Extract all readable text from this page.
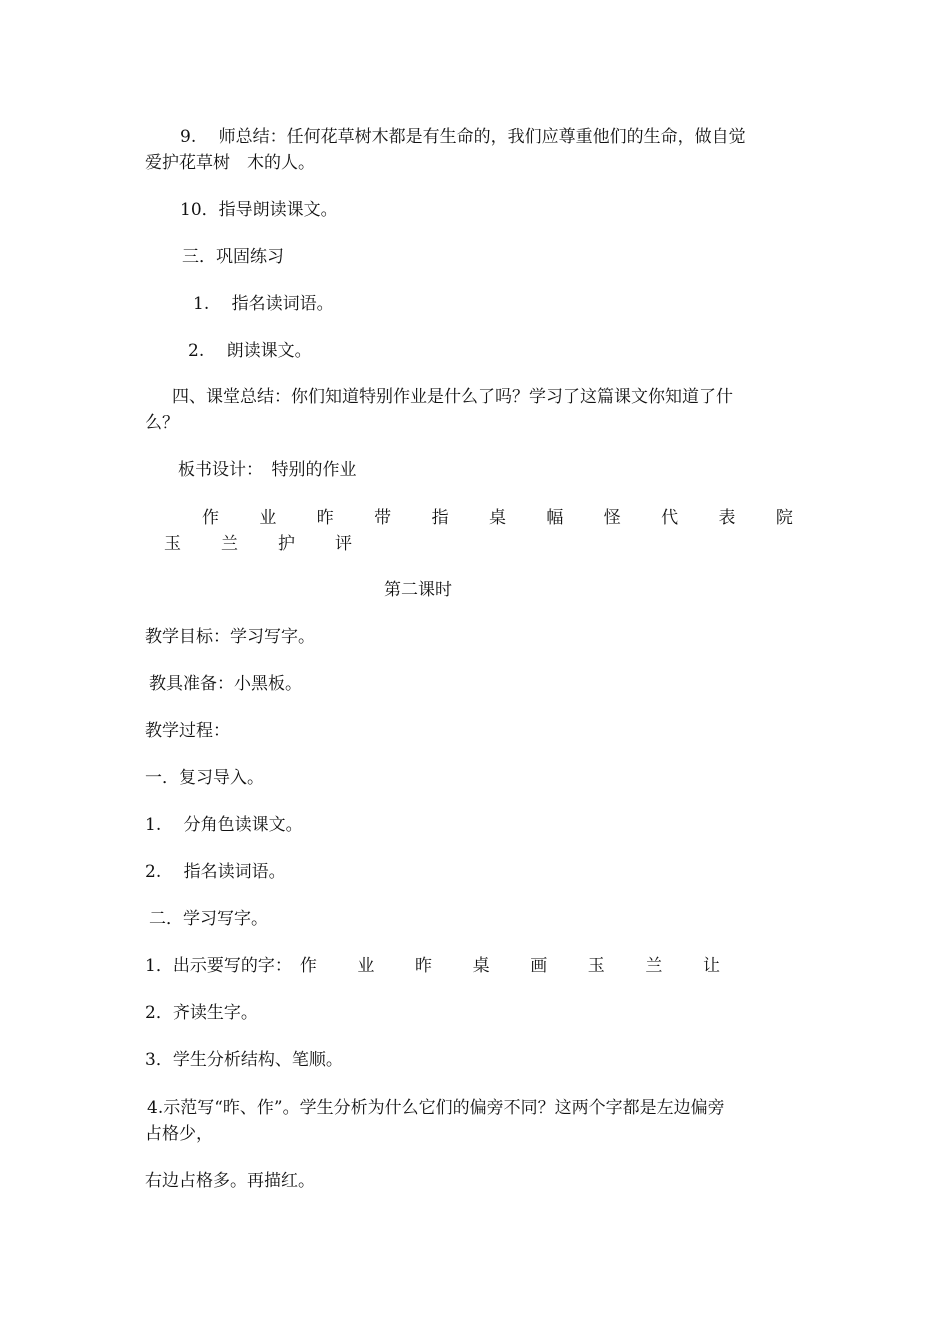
9.　 师总结：任何花草树木都是有生命的，我们应尊重他们的生命，做自觉
爱护花草树　木的人。
10．指导朗读课文。
三．巩固练习
1.　 指名读词语。
2.　 朗读课文。
四、课堂总结：你们知道特别作业是什么了吗？学习了这篇课文你知道了什
么？
板书设计：　特别的作业
作	业	昨	带	指	桌	幅	怪	代	表	院
玉	兰	护	评
第二课时
教学目标：学习写字。
教具准备：小黑板。
教学过程：
一．复习导入。
1.　 分角色读课文。
2.　 指名读词语。
二．学习写字。
1．出示要写的字： 作	业	昨	桌	画	玉	兰	让
2．齐读生字。
3．学生分析结构、笔顺。
4.示范写“昨、作”。学生分析为什么它们的偏旁不同？这两个字都是左边偏旁
占格少，
右边占格多。再描红。
